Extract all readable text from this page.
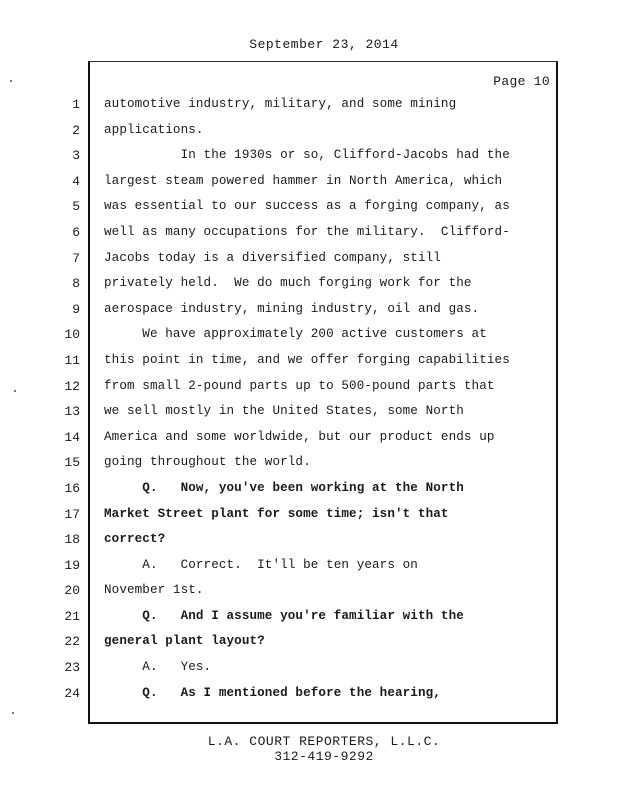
September 23, 2014
Page 10
1 automotive industry, military, and some mining
2 applications.
3 In the 1930s or so, Clifford-Jacobs had the
4 largest steam powered hammer in North America, which
5 was essential to our success as a forging company, as
6 well as many occupations for the military.  Clifford-
7 Jacobs today is a diversified company, still
8 privately held.  We do much forging work for the
9 aerospace industry, mining industry, oil and gas.
10 We have approximately 200 active customers at
11 this point in time, and we offer forging capabilities
12 from small 2-pound parts up to 500-pound parts that
13 we sell mostly in the United States, some North
14 America and some worldwide, but our product ends up
15 going throughout the world.
16 Q.   Now, you've been working at the North
17 Market Street plant for some time; isn't that
18 correct?
19 A.   Correct.  It'll be ten years on
20 November 1st.
21 Q.   And I assume you're familiar with the
22 general plant layout?
23 A.   Yes.
24 Q.   As I mentioned before the hearing,
L.A. COURT REPORTERS, L.L.C.
312-419-9292
